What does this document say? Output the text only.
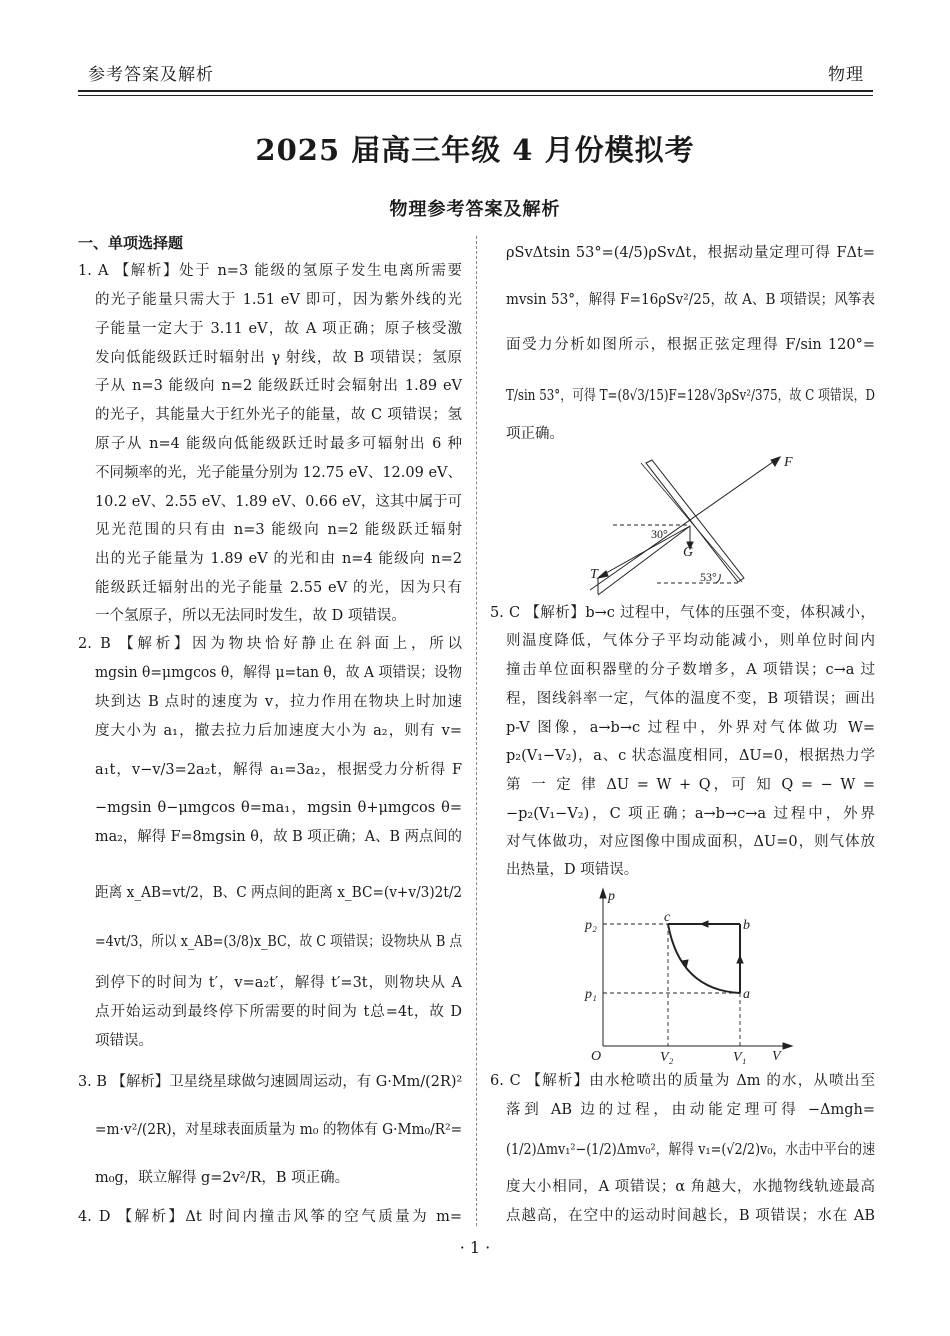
参考答案及解析	物理
2025 届高三年级 4 月份模拟考
物理参考答案及解析
一、单项选择题
1. A 【解析】处于 n=3 能级的氢原子发生电离所需要
的光子能量只需大于 1.51 eV 即可，因为紫外线的光
子能量一定大于 3.11 eV，故 A 项正确；原子核受激
发向低能级跃迁时辐射出 γ 射线，故 B 项错误；氢原
子从 n=3 能级向 n=2 能级跃迁时会辐射出 1.89 eV
的光子，其能量大于红外光子的能量，故 C 项错误；氢
原子从 n=4 能级向低能级跃迁时最多可辐射出 6 种
不同频率的光，光子能量分别为 12.75 eV、12.09 eV、
10.2 eV、2.55 eV、1.89 eV、0.66 eV，这其中属于可
见光范围的只有由 n=3 能级向 n=2 能级跃迁辐射
出的光子能量为 1.89 eV 的光和由 n=4 能级向 n=2
能级跃迁辐射出的光子能量 2.55 eV 的光，因为只有
一个氢原子，所以无法同时发生，故 D 项错误。
2. B 【解析】因为物块恰好静止在斜面上，所以
mgsin θ=μmgcos θ，解得 μ=tan θ，故 A 项错误；设物
块到达 B 点时的速度为 v，拉力作用在物块上时加速
度大小为 a₁，撤去拉力后加速度大小为 a₂，则有 v=
a₁t，v−v/3=2a₂t，解得 a₁=3a₂，根据受力分析得 F
−mgsin θ−μmgcos θ=ma₁，mgsin θ+μmgcos θ=
ma₂，解得 F=8mgsin θ，故 B 项正确；A、B 两点间的
距离 x_AB=vt/2，B、C 两点间的距离 x_BC=(v+v/3)2t/2
=4vt/3，所以 x_AB=(3/8)x_BC，故 C 项错误；设物块从 B 点
到停下的时间为 t′，v=a₂t′，解得 t′=3t，则物块从 A
点开始运动到最终停下所需要的时间为 t总=4t，故 D
项错误。
3. B 【解析】卫星绕星球做匀速圆周运动，有 G·Mm/(2R)²
=m·v²/(2R)，对星球表面质量为 m₀ 的物体有 G·Mm₀/R²=
m₀g，联立解得 g=2v²/R，B 项正确。
4. D 【解析】Δt 时间内撞击风筝的空气质量为 m=
ρSvΔtsin 53°=(4/5)ρSvΔt，根据动量定理可得 FΔt=
mvsin 53°，解得 F=16ρSv²/25，故 A、B 项错误；风筝表
面受力分析如图所示，根据正弦定理得 F/sin 120°=
T/sin 53°，可得 T=(8√3/15)F=128√3ρSv²/375，故 C 项错误，D
项正确。
5. C 【解析】b→c 过程中，气体的压强不变，体积减小，
则温度降低，气体分子平均动能减小，则单位时间内
撞击单位面积器壁的分子数增多，A 项错误；c→a 过
程，图线斜率一定，气体的温度不变，B 项错误；画出
p-V 图像，a→b→c 过程中，外界对气体做功 W=
p₂(V₁−V₂)，a、c 状态温度相同，ΔU=0，根据热力学
第 一 定 律 ΔU = W + Q，可 知 Q = − W =
−p₂(V₁−V₂)，C 项正确；a→b→c→a 过程中，外界
对气体做功，对应图像中围成面积，ΔU=0，则气体放
出热量，D 项错误。
6. C 【解析】由水枪喷出的质量为 Δm 的水，从喷出至
落到 AB 边的过程，由动能定理可得 −Δmgh=
(1/2)Δmv₁²−(1/2)Δmv₀²，解得 v₁=(√2/2)v₀，水击中平台的速
度大小相同，A 项错误；α 角越大，水抛物线轨迹最高
点越高，在空中的运动时间越长，B 项错误；水在 AB
F
T
G
30°
53°
p
V
O
p₂
p₁
V₂	V₁
a
b
c
· 1 ·
